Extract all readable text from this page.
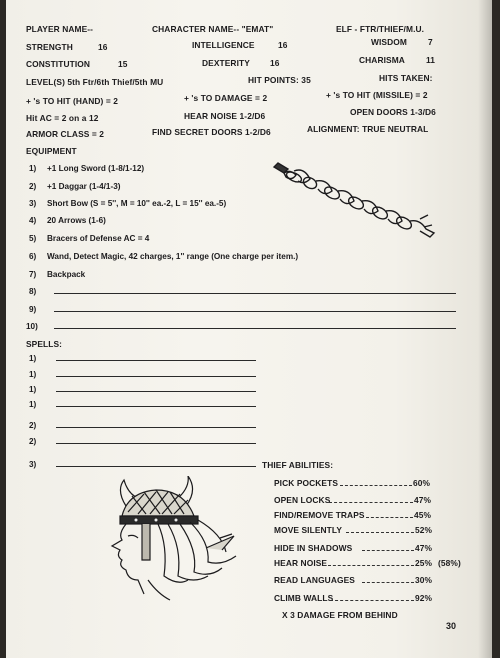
PLAYER NAME--	CHARACTER NAME-- "EMAT"	ELF - FTR/THIEF/M.U.
STRENGTH	16	INTELLIGENCE	16	WISDOM	7
CONSTITUTION	15	DEXTERITY 16	CHARISMA	11
LEVEL(S) 5th Ftr/6th Thief/5th MU	HIT POINTS: 35	HITS TAKEN:
+ 's TO HIT (HAND) = 2	+ 's TO DAMAGE = 2	+ 's TO HIT (MISSILE) = 2
Hit AC = 2 on a 12	HEAR NOISE 1-2/D6	OPEN DOORS 1-3/D6
ARMOR CLASS = 2	FIND SECRET DOORS 1-2/D6	ALIGNMENT: TRUE NEUTRAL
EQUIPMENT
1) +1 Long Sword (1-8/1-12)
2) +1 Daggar (1-4/1-3)
3) Short Bow (S = 5'', M = 10'' ea.-2, L = 15'' ea.-5)
4) 20 Arrows (1-6)
5) Bracers of Defense AC = 4
6) Wand, Detect Magic, 42 charges, 1'' range (One charge per item.)
7) Backpack
8)
9)
10)
SPELLS:
1)
1)
1)
1)
2)
2)
3)	THIEF ABILITIES:
PICK POCKETS	60%
OPEN LOCKS	47%
FIND/REMOVE TRAPS	45%
MOVE SILENTLY	52%
HIDE IN SHADOWS	47%
HEAR NOISE	25% (58%)
READ LANGUAGES	30%
CLIMB WALLS	92%
X 3 DAMAGE FROM BEHIND
30
